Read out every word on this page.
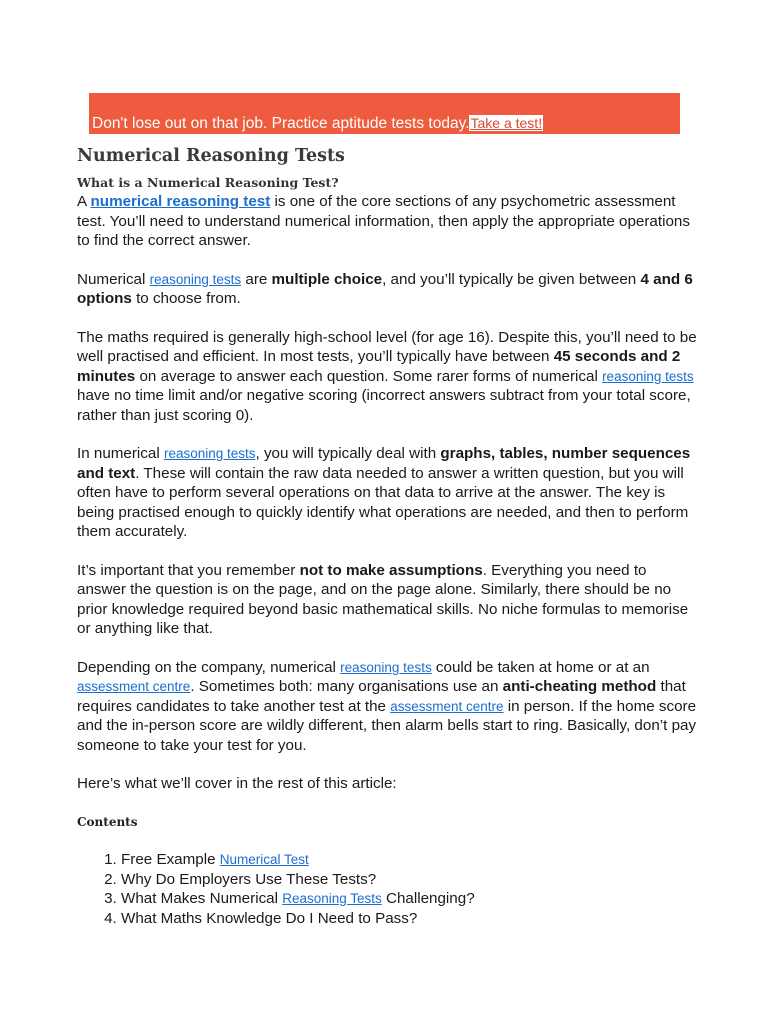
Don't lose out on that job. Practice aptitude tests today.Take a test!
Numerical Reasoning Tests
What is a Numerical Reasoning Test?

A numerical reasoning test is one of the core sections of any psychometric assessment test. You’ll need to understand numerical information, then apply the appropriate operations to find the correct answer.

Numerical reasoning tests are multiple choice, and you’ll typically be given between 4 and 6 options to choose from.

The maths required is generally high-school level (for age 16). Despite this, you’ll need to be well practised and efficient. In most tests, you’ll typically have between 45 seconds and 2 minutes on average to answer each question. Some rarer forms of numerical reasoning tests have no time limit and/or negative scoring (incorrect answers subtract from your total score, rather than just scoring 0).

In numerical reasoning tests, you will typically deal with graphs, tables, number sequences and text. These will contain the raw data needed to answer a written question, but you will often have to perform several operations on that data to arrive at the answer. The key is being practised enough to quickly identify what operations are needed, and then to perform them accurately.

It’s important that you remember not to make assumptions. Everything you need to answer the question is on the page, and on the page alone. Similarly, there should be no prior knowledge required beyond basic mathematical skills. No niche formulas to memorise or anything like that.

Depending on the company, numerical reasoning tests could be taken at home or at an assessment centre. Sometimes both: many organisations use an anti-cheating method that requires candidates to take another test at the assessment centre in person. If the home score and the in-person score are wildly different, then alarm bells start to ring. Basically, don’t pay someone to take your test for you.

Here’s what we’ll cover in the rest of this article:

Contents
1. Free Example Numerical Test
2. Why Do Employers Use These Tests?
3. What Makes Numerical Reasoning Tests Challenging?
4. What Maths Knowledge Do I Need to Pass?
